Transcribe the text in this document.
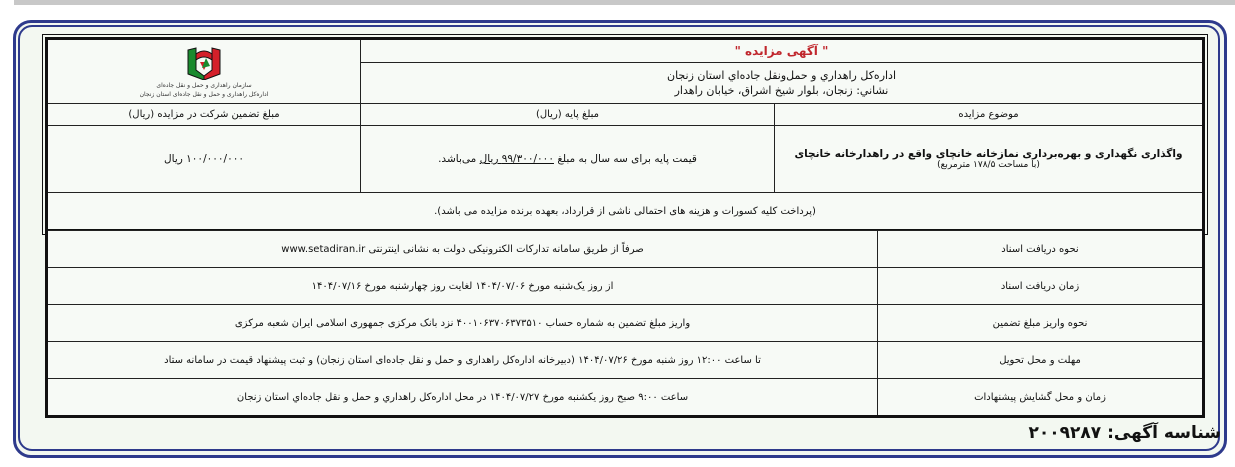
" آگهی مزایده "		سازمان راهداری و حمل و نقل جاده‌ای
اداره‌کل راهداری و حمل و نقل جاده‌ای استان زنجان

اداره‌کل راهداري و حمل‌ونقل جاده‌اي استان زنجان
نشاني: زنجان، بلوار شيخ اشراق، خيابان راهدار		

موضوع مزایده	مبلغ پایه (ریال)	مبلغ تضمین شرکت در مزایده (ریال)

واگذاری نگهداری و بهره‌برداری نمازخانه خانچای واقع در راهدارخانه خانچای
(با مساحت ۱۷۸/۵ مترمربع)	قیمت پایه برای سه سال به مبلغ ۹۹/۳۰۰/۰۰۰ ریال می‌باشد.	۱۰۰/۰۰۰/۰۰۰ ریال
(پرداخت کلیه کسورات و هزینه های احتمالی ناشی از قرارداد، بعهده برنده مزایده می باشد).		
نحوه دریافت اسناد	صرفاً از طریق سامانه تدارکات الکترونیکی دولت به نشانی اینترنتی www.setadiran.ir
زمان دریافت اسناد	از روز یک‌شنبه مورخ ۱۴۰۴/۰۷/۰۶ لغایت روز چهارشنبه مورخ ۱۴۰۴/۰۷/۱۶
نحوه واریز مبلغ تضمین	واریز مبلغ تضمین به شماره حساب ۴۰۰۱۰۶۳۷۰۶۳۷۳۵۱۰ نزد بانک مرکزی جمهوری اسلامی ایران شعبه مرکزی
مهلت و محل تحویل	تا ساعت ۱۲:۰۰ روز شنبه مورخ ۱۴۰۴/۰۷/۲۶ (دبیرخانه اداره‌کل راهداری و حمل و نقل جاده‌ای استان زنجان) و ثبت پیشنهاد قیمت در سامانه ستاد
زمان و محل گشایش پیشنهادات	ساعت ۹:۰۰ صبح روز یکشنبه مورخ ۱۴۰۴/۰۷/۲۷ در محل اداره‌کل راهداري و حمل و نقل جاده‌اي استان زنجان
شناسه آگهی: ۲۰۰۹۲۸۷
